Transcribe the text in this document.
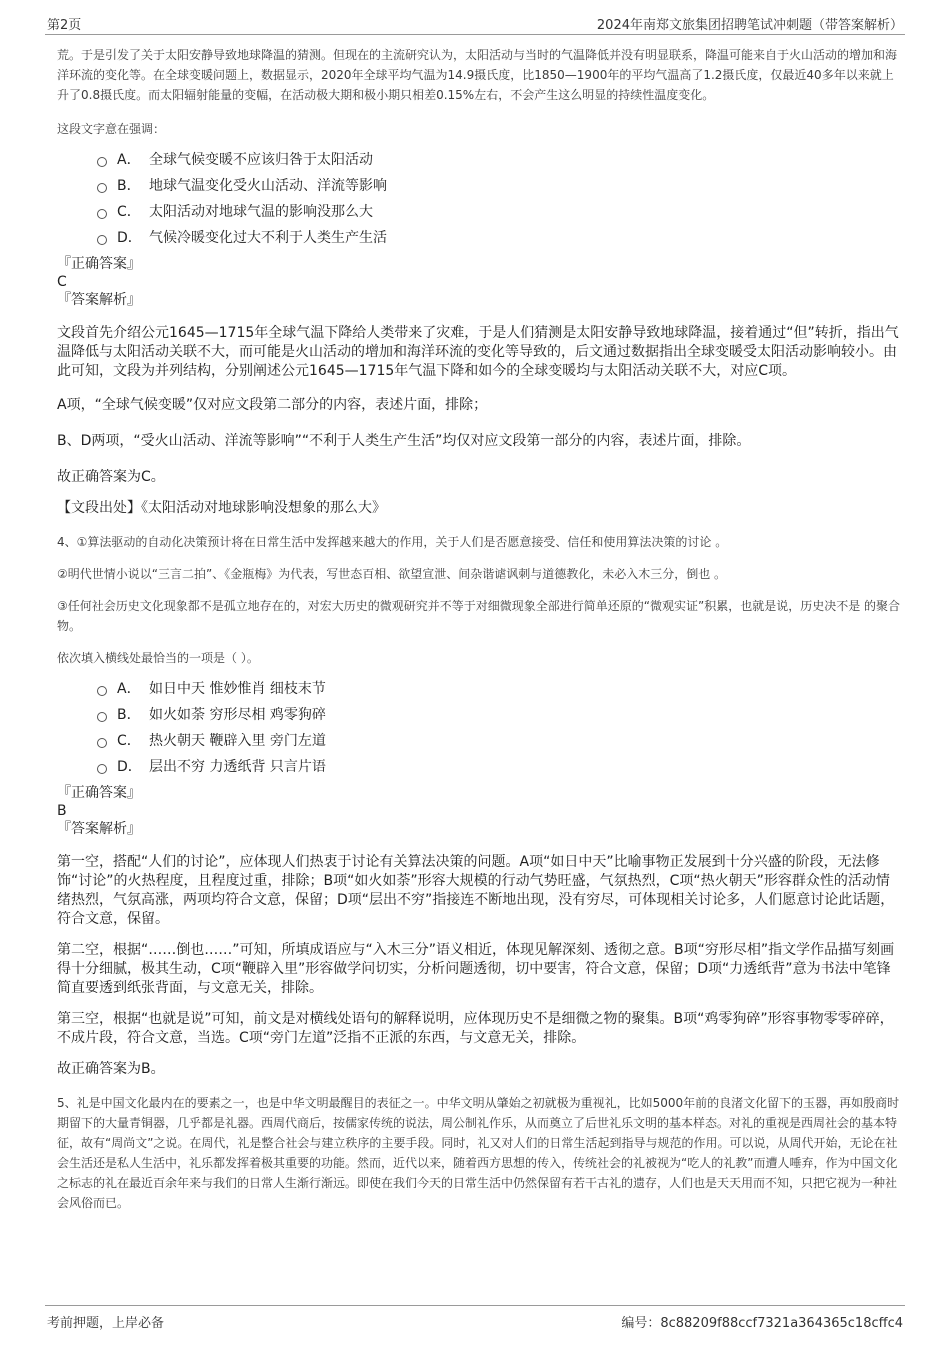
第2页	2024年南郑文旅集团招聘笔试冲刺题（带答案解析）

荒。于是引发了关于太阳安静导致地球降温的猜测。但现在的主流研究认为，太阳活动与当时的气温降低并没有明显联系，降温可能来自于火山活动的增加和海洋环流的变化等。在全球变暖问题上，数据显示，2020年全球平均气温为14.9摄氏度，比1850—1900年的平均气温高了1.2摄氏度，仅最近40多年以来就上升了0.8摄氏度。而太阳辐射能量的变幅，在活动极大期和极小期只相差0.15%左右，不会产生这么明显的持续性温度变化。

这段文字意在强调：

A． 全球气候变暖不应该归咎于太阳活动
B． 地球气温变化受火山活动、洋流等影响
C． 太阳活动对地球气温的影响没那么大
D． 气候冷暖变化过大不利于人类生产生活

『正确答案』

C

『答案解析』

文段首先介绍公元1645—1715年全球气温下降给人类带来了灾难，于是人们猜测是太阳安静导致地球降温，接着通过“但”转折，指出气温降低与太阳活动关联不大，而可能是火山活动的增加和海洋环流的变化等导致的，后文通过数据指出全球变暖受太阳活动影响较小。由此可知，文段为并列结构，分别阐述公元1645—1715年气温下降和如今的全球变暖均与太阳活动关联不大，对应C项。

A项，“全球气候变暖”仅对应文段第二部分的内容，表述片面，排除；

B、D两项，“受火山活动、洋流等影响”“不利于人类生产生活”均仅对应文段第一部分的内容，表述片面，排除。

故正确答案为C。

【文段出处】《太阳活动对地球影响没想象的那么大》

4、①算法驱动的自动化决策预计将在日常生活中发挥越来越大的作用，关于人们是否愿意接受、信任和使用算法决策的讨论 。

②明代世情小说以“三言二拍”、《金瓶梅》为代表，写世态百相、欲望宣泄、间杂谐谑讽刺与道德教化，未必入木三分，倒也 。

③任何社会历史文化现象都不是孤立地存在的，对宏大历史的微观研究并不等于对细微现象全部进行简单还原的“微观实证”积累，也就是说，历史决不是 的聚合物。

依次填入横线处最恰当的一项是（ ）。

A． 如日中天 惟妙惟肖 细枝末节
B． 如火如荼 穷形尽相 鸡零狗碎
C． 热火朝天 鞭辟入里 旁门左道
D． 层出不穷 力透纸背 只言片语

『正确答案』

B

『答案解析』

第一空，搭配“人们的讨论”，应体现人们热衷于讨论有关算法决策的问题。A项“如日中天”比喻事物正发展到十分兴盛的阶段，无法修饰“讨论”的火热程度，且程度过重，排除；B项“如火如荼”形容大规模的行动气势旺盛，气氛热烈，C项“热火朝天”形容群众性的活动情绪热烈，气氛高涨，两项均符合文意，保留；D项“层出不穷”指接连不断地出现，没有穷尽，可体现相关讨论多，人们愿意讨论此话题，符合文意，保留。

第二空，根据“……倒也……”可知，所填成语应与“入木三分”语义相近，体现见解深刻、透彻之意。B项“穷形尽相”指文学作品描写刻画得十分细腻，极其生动，C项“鞭辟入里”形容做学问切实，分析问题透彻，切中要害，符合文意，保留；D项“力透纸背”意为书法中笔锋简直要透到纸张背面，与文意无关，排除。

第三空，根据“也就是说”可知，前文是对横线处语句的解释说明，应体现历史不是细微之物的聚集。B项“鸡零狗碎”形容事物零零碎碎，不成片段，符合文意，当选。C项“旁门左道”泛指不正派的东西，与文意无关，排除。

故正确答案为B。

5、礼是中国文化最内在的要素之一，也是中华文明最醒目的表征之一。中华文明从肇始之初就极为重视礼，比如5000年前的良渚文化留下的玉器，再如殷商时期留下的大量青铜器，几乎都是礼器。西周代商后，按儒家传统的说法，周公制礼作乐，从而奠立了后世礼乐文明的基本样态。对礼的重视是西周社会的基本特征，故有“周尚文”之说。在周代，礼是整合社会与建立秩序的主要手段。同时，礼又对人们的日常生活起到指导与规范的作用。可以说，从周代开始，无论在社会生活还是私人生活中，礼乐都发挥着极其重要的功能。然而，近代以来，随着西方思想的传入，传统社会的礼被视为“吃人的礼教”而遭人唾弃，作为中国文化之标志的礼在最近百余年来与我们的日常人生渐行渐远。即使在我们今天的日常生活中仍然保留有若干古礼的遗存，人们也是天天用而不知，只把它视为一种社会风俗而已。

考前押题，上岸必备	编号：8c88209f88ccf7321a364365c18cffc4
